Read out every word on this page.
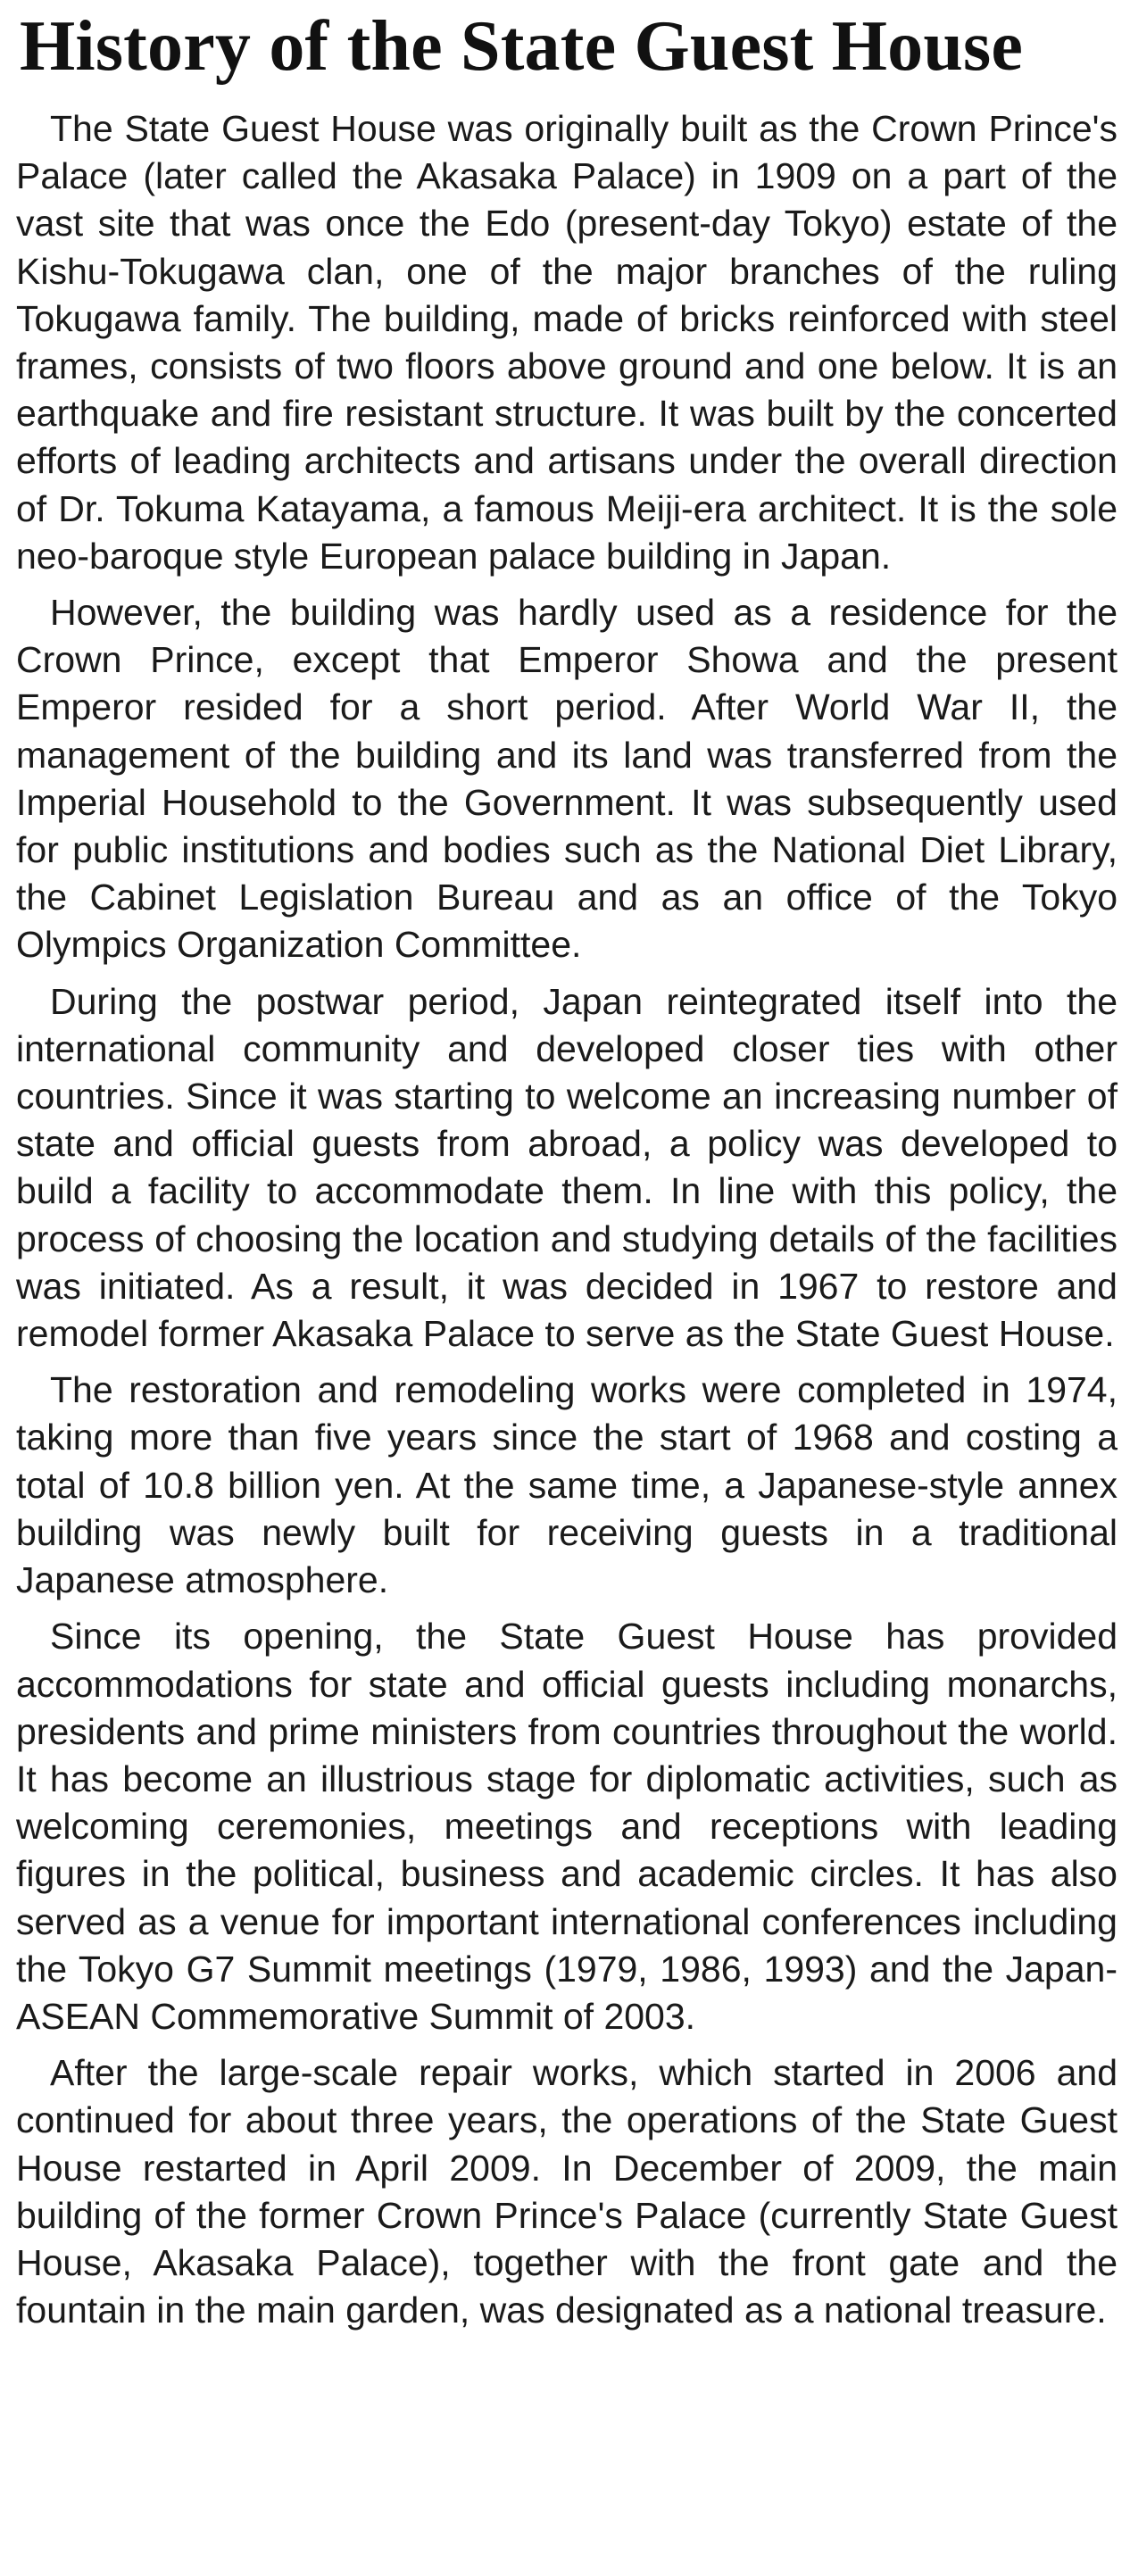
History of the State Guest House

The State Guest House was originally built as the Crown Prince's Palace (later called the Akasaka Palace) in 1909 on a part of the vast site that was once the Edo (present-day Tokyo) estate of the Kishu-Tokugawa clan, one of the major branches of the ruling Tokugawa family. The building, made of bricks reinforced with steel frames, consists of two floors above ground and one below. It is an earthquake and fire resistant structure. It was built by the concerted efforts of leading architects and artisans under the overall direction of Dr. Tokuma Katayama, a famous Meiji-era architect. It is the sole neo-baroque style European palace building in Japan.

However, the building was hardly used as a residence for the Crown Prince, except that Emperor Showa and the present Emperor resided for a short period. After World War II, the management of the building and its land was transferred from the Imperial Household to the Government. It was subsequently used for public institutions and bodies such as the National Diet Library, the Cabinet Legislation Bureau and as an office of the Tokyo Olympics Organization Committee.

During the postwar period, Japan reintegrated itself into the international community and developed closer ties with other countries. Since it was starting to welcome an increasing number of state and official guests from abroad, a policy was developed to build a facility to accommodate them. In line with this policy, the process of choosing the location and studying details of the facilities was initiated. As a result, it was decided in 1967 to restore and remodel former Akasaka Palace to serve as the State Guest House.

The restoration and remodeling works were completed in 1974, taking more than five years since the start of 1968 and costing a total of 10.8 billion yen. At the same time, a Japanese-style annex building was newly built for receiving guests in a traditional Japanese atmosphere.

Since its opening, the State Guest House has provided accommodations for state and official guests including monarchs, presidents and prime ministers from countries throughout the world. It has become an illustrious stage for diplomatic activities, such as welcoming ceremonies, meetings and receptions with leading figures in the political, business and academic circles. It has also served as a venue for important international conferences including the Tokyo G7 Summit meetings (1979, 1986, 1993) and the Japan-ASEAN Commemorative Summit of 2003.

After the large-scale repair works, which started in 2006 and continued for about three years, the operations of the State Guest House restarted in April 2009. In December of 2009, the main building of the former Crown Prince's Palace (currently State Guest House, Akasaka Palace), together with the front gate and the fountain in the main garden, was designated as a national treasure.
